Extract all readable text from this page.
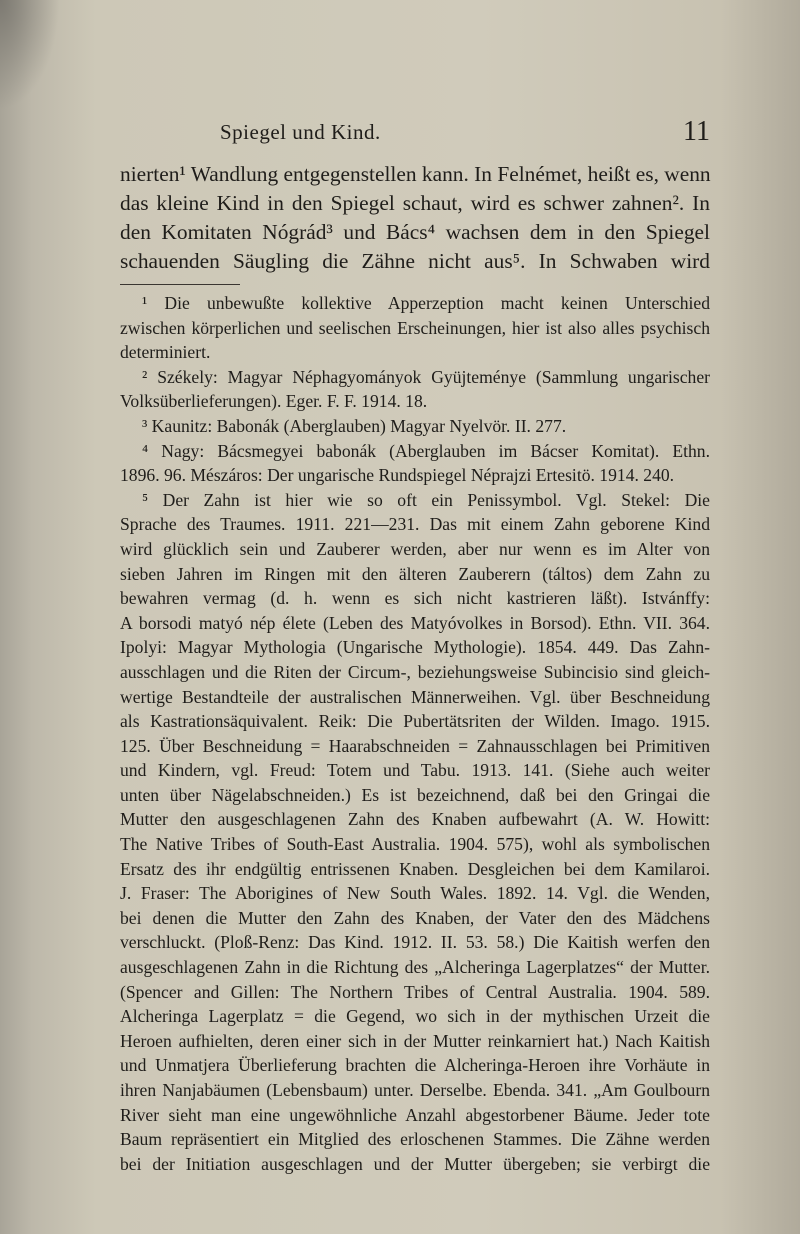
Spiegel und Kind.	11
nierten¹ Wandlung entgegenstellen kann. In Felnémet, heißt es, wenn
das kleine Kind in den Spiegel schaut, wird es schwer zahnen². In
den Komitaten Nógrád³ und Bács⁴ wachsen dem in den Spiegel
schauenden Säugling die Zähne nicht aus⁵. In Schwaben wird
¹ Die unbewußte kollektive Apperzeption macht keinen Unterschied
zwischen körperlichen und seelischen Erscheinungen, hier ist also alles psychisch
determiniert.
² Székely: Magyar Néphagyományok Gyüjteménye (Sammlung ungarischer
Volksüberlieferungen). Eger. F. F. 1914. 18.
³ Kaunitz: Babonák (Aberglauben) Magyar Nyelvör. II. 277.
⁴ Nagy: Bácsmegyei babonák (Aberglauben im Bácser Komitat). Ethn.
1896. 96. Mészáros: Der ungarische Rundspiegel Néprajzi Ertesitö. 1914. 240.
⁵ Der Zahn ist hier wie so oft ein Penissymbol. Vgl. Stekel: Die
Sprache des Traumes. 1911. 221—231. Das mit einem Zahn geborene Kind
wird glücklich sein und Zauberer werden, aber nur wenn es im Alter von
sieben Jahren im Ringen mit den älteren Zauberern (táltos) dem Zahn zu
bewahren vermag (d. h. wenn es sich nicht kastrieren läßt). Istvánffy:
A borsodi matyó nép élete (Leben des Matyóvolkes in Borsod). Ethn. VII. 364.
Ipolyi: Magyar Mythologia (Ungarische Mythologie). 1854. 449. Das Zahn-
ausschlagen und die Riten der Circum-, beziehungsweise Subincisio sind gleich-
wertige Bestandteile der australischen Männerweihen. Vgl. über Beschneidung
als Kastrationsäquivalent. Reik: Die Pubertätsriten der Wilden. Imago. 1915.
125. Über Beschneidung = Haarabschneiden = Zahnausschlagen bei Primitiven
und Kindern, vgl. Freud: Totem und Tabu. 1913. 141. (Siehe auch weiter
unten über Nägelabschneiden.) Es ist bezeichnend, daß bei den Gringai die
Mutter den ausgeschlagenen Zahn des Knaben aufbewahrt (A. W. Howitt:
The Native Tribes of South-East Australia. 1904. 575), wohl als symbolischen
Ersatz des ihr endgültig entrissenen Knaben. Desgleichen bei dem Kamilaroi.
J. Fraser: The Aborigines of New South Wales. 1892. 14. Vgl. die Wenden,
bei denen die Mutter den Zahn des Knaben, der Vater den des Mädchens
verschluckt. (Ploß-Renz: Das Kind. 1912. II. 53. 58.) Die Kaitish werfen den
ausgeschlagenen Zahn in die Richtung des „Alcheringa Lagerplatzes“ der Mutter.
(Spencer and Gillen: The Northern Tribes of Central Australia. 1904. 589.
Alcheringa Lagerplatz = die Gegend, wo sich in der mythischen Urzeit die
Heroen aufhielten, deren einer sich in der Mutter reinkarniert hat.) Nach Kaitish
und Unmatjera Überlieferung brachten die Alcheringa-Heroen ihre Vorhäute in
ihren Nanjabäumen (Lebensbaum) unter. Derselbe. Ebenda. 341. „Am Goulbourn
River sieht man eine ungewöhnliche Anzahl abgestorbener Bäume. Jeder tote
Baum repräsentiert ein Mitglied des erloschenen Stammes. Die Zähne werden
bei der Initiation ausgeschlagen und der Mutter übergeben; sie verbirgt die
